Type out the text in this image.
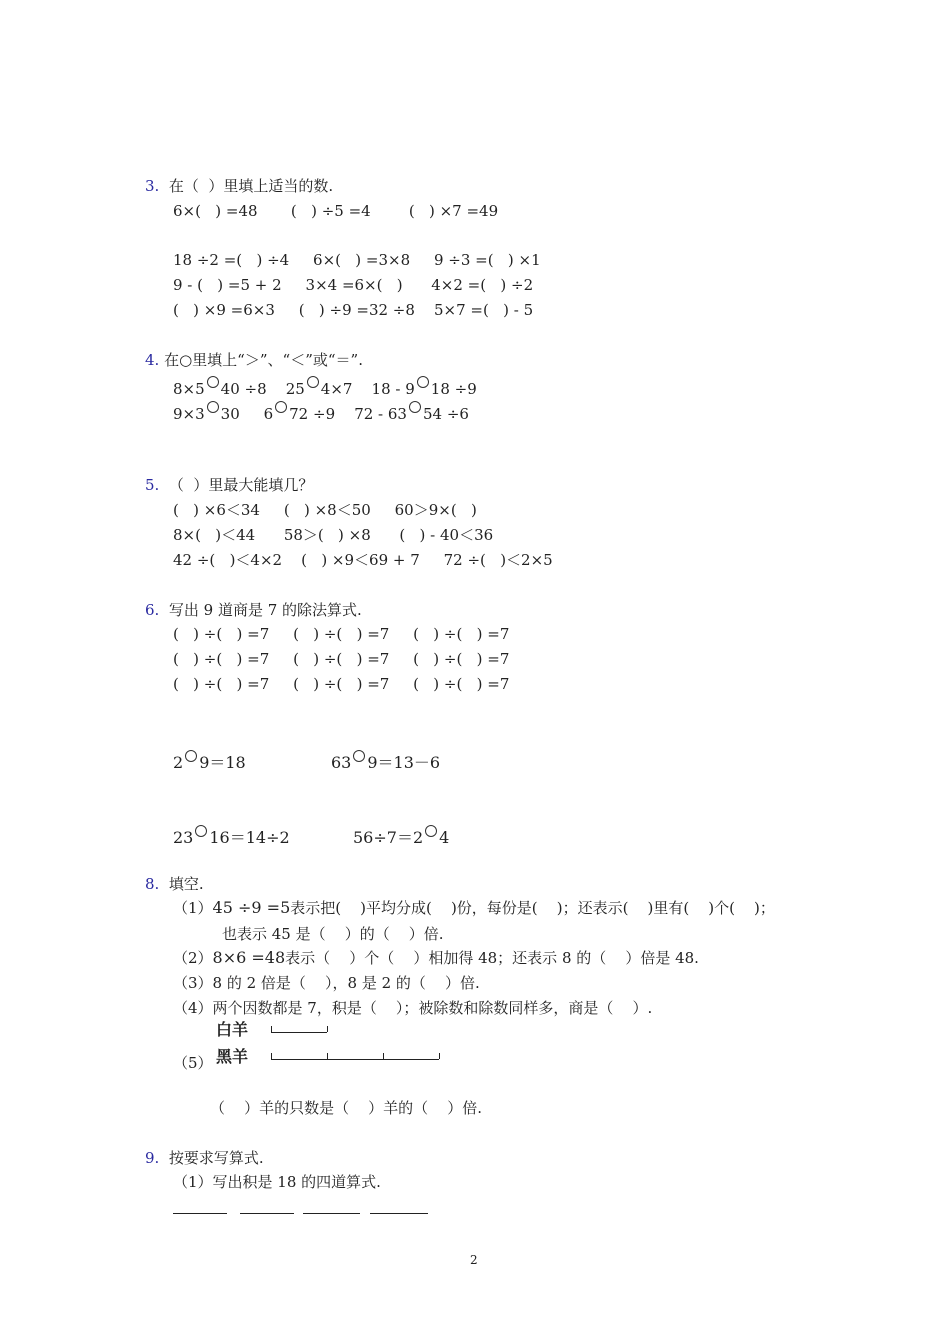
3. 在（  ）里填上适当的数.
6×(   ) =48       (   ) ÷5 =4        (   ) ×7 =49
18 ÷2 =(   ) ÷4     6×(   ) =3×8     9 ÷3 =(   ) ×1
9 - (   ) =5 + 2     3×4 =6×(   )      4×2 =(   ) ÷2
(   ) ×9 =6×3     (   ) ÷9 =32 ÷8    5×7 =(   ) - 5
4. 在○里填上“＞”、“＜”或“＝”.
8×5 40 ÷8 25 4×7 18 - 9 18 ÷9
9×3 30 6 72 ÷9 72 - 63 54 ÷6
5. （  ）里最大能填几？
(   ) ×6＜34     (   ) ×8＜50     60＞9×(   )
8×(   )＜44      58＞(   ) ×8      (   ) - 40＜36
42 ÷(   )＜4×2    (   ) ×9＜69 + 7     72 ÷(   )＜2×5
6. 写出 9 道商是 7 的除法算式.
(   ) ÷(   ) =7     (   ) ÷(   ) =7     (   ) ÷(   ) =7
(   ) ÷(   ) =7     (   ) ÷(   ) =7     (   ) ÷(   ) =7
(   ) ÷(   ) =7     (   ) ÷(   ) =7     (   ) ÷(   ) =7
2 9＝18	63 9＝13－6
23 16＝14÷2	56÷7＝2 4
8. 填空.
（1）45 ÷9 =5表示把(    )平均分成(    )份，每份是(    )；还表示(    )里有(    )个(    )；
也表示 45 是（    ）的（    ）倍.
（2）8×6 =48表示（    ）个（    ）相加得 48；还表示 8 的（    ）倍是 48.
（3）8 的 2 倍是（    ），8 是 2 的（    ）倍.
（4）两个因数都是 7，积是（    ）；被除数和除数同样多，商是（    ）.
白羊
（5） 黑羊
（    ）羊的只数是（    ）羊的（    ）倍.
9. 按要求写算式.
（1）写出积是 18 的四道算式.
2
